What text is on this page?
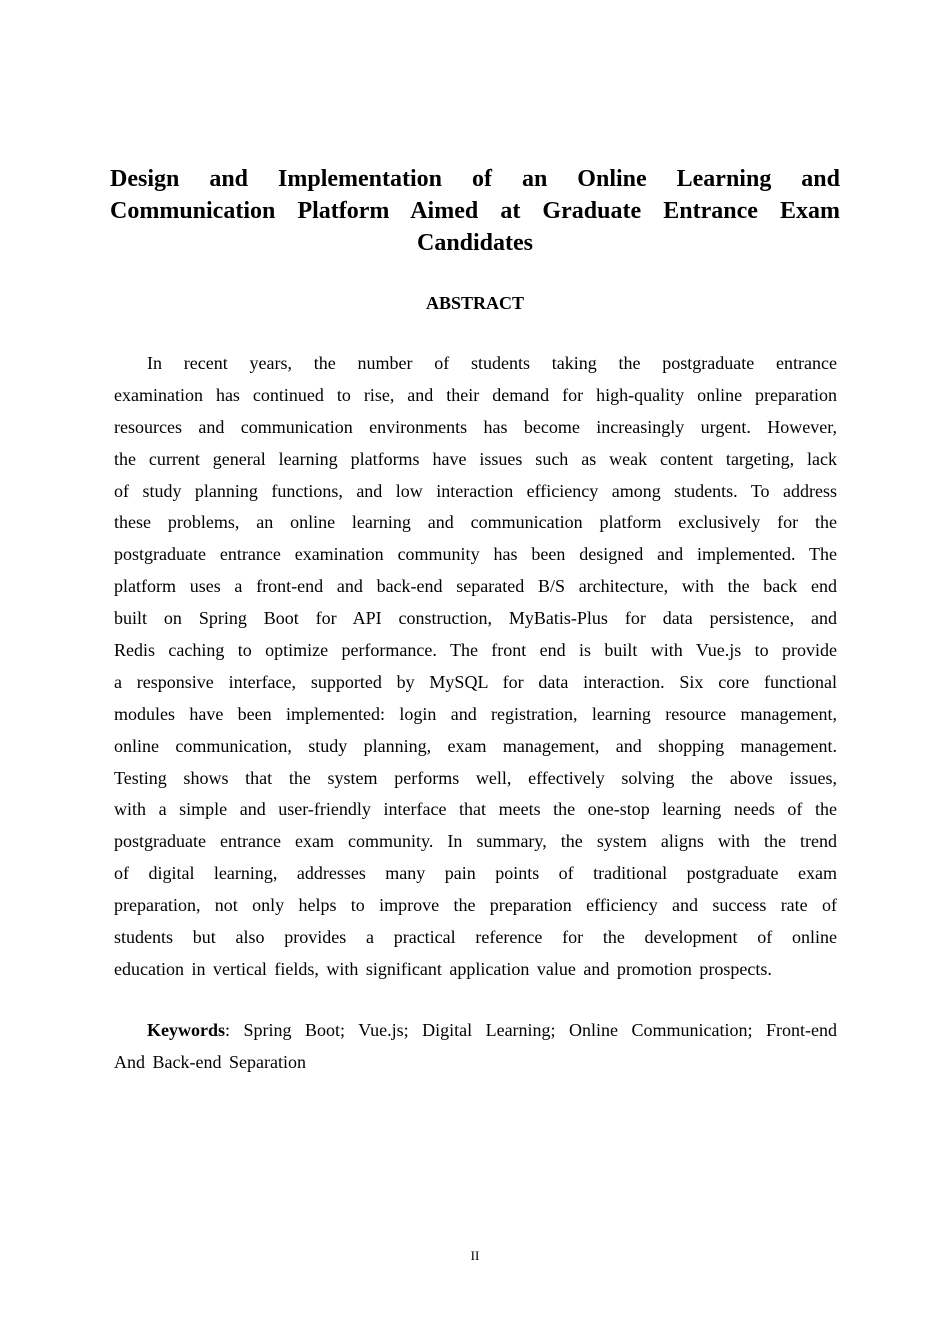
Design and Implementation of an Online Learning and
Communication Platform Aimed at Graduate Entrance Exam
Candidates
ABSTRACT
In recent years, the number of students taking the postgraduate entrance
examination has continued to rise, and their demand for high-quality online preparation
resources and communication environments has become increasingly urgent. However,
the current general learning platforms have issues such as weak content targeting, lack
of study planning functions, and low interaction efficiency among students. To address
these problems, an online learning and communication platform exclusively for the
postgraduate entrance examination community has been designed and implemented. The
platform uses a front-end and back-end separated B/S architecture, with the back end
built on Spring Boot for API construction, MyBatis-Plus for data persistence, and
Redis caching to optimize performance. The front end is built with Vue.js to provide
a responsive interface, supported by MySQL for data interaction. Six core functional
modules have been implemented: login and registration, learning resource management,
online communication, study planning, exam management, and shopping management.
Testing shows that the system performs well, effectively solving the above issues,
with a simple and user-friendly interface that meets the one-stop learning needs of the
postgraduate entrance exam community. In summary, the system aligns with the trend
of digital learning, addresses many pain points of traditional postgraduate exam
preparation, not only helps to improve the preparation efficiency and success rate of
students but also provides a practical reference for the development of online
education in vertical fields, with significant application value and promotion prospects.
Keywords: Spring Boot; Vue.js; Digital Learning; Online Communication; Front-end
And Back-end Separation
II
